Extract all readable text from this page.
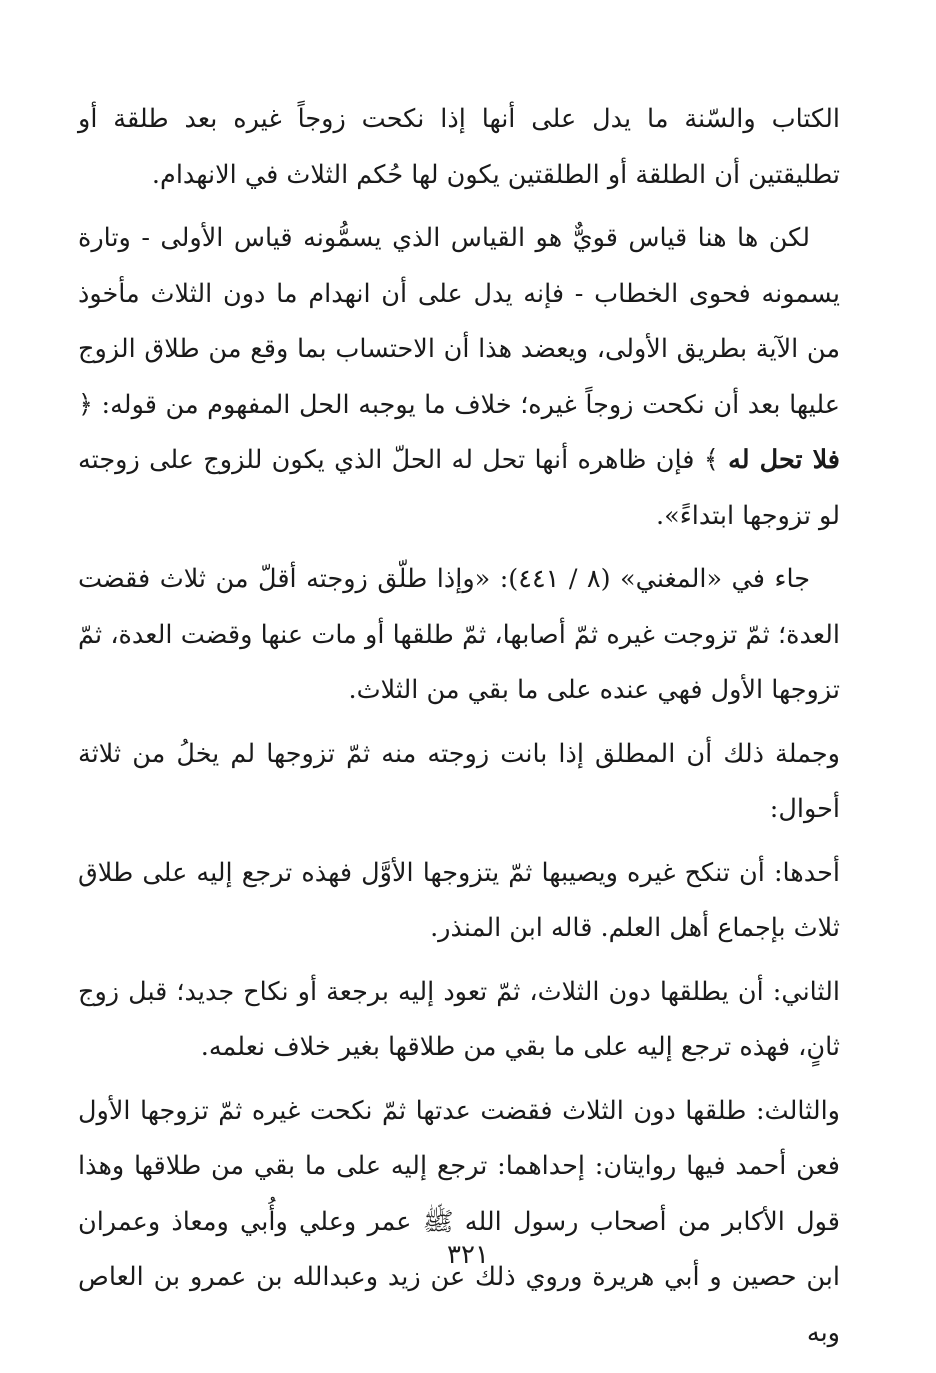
الكتاب والسّنة ما يدل على أنها إذا نكحت زوجاً غيره بعد طلقة أو تطليقتين أن الطلقة أو الطلقتين يكون لها حُكم الثلاث في الانهدام.

لكن ها هنا قياس قويٌّ هو القياس الذي يسمُّونه قياس الأولى - وتارة يسمونه فحوى الخطاب - فإنه يدل على أن انهدام ما دون الثلاث مأخوذ من الآية بطريق الأولى، ويعضد هذا أن الاحتساب بما وقع من طلاق الزوج عليها بعد أن نكحت زوجاً غيره؛ خلاف ما يوجبه الحل المفهوم من قوله: ﴿ فلا تحل له ﴾ فإن ظاهره أنها تحل له الحلّ الذي يكون للزوج على زوجته لو تزوجها ابتداءً».

جاء في «المغني» (٨ / ٤٤١): «وإذا طلّق زوجته أقلّ من ثلاث فقضت العدة؛ ثمّ تزوجت غيره ثمّ أصابها، ثمّ طلقها أو مات عنها وقضت العدة، ثمّ تزوجها الأول فهي عنده على ما بقي من الثلاث.

وجملة ذلك أن المطلق إذا بانت زوجته منه ثمّ تزوجها لم يخلُ من ثلاثة أحوال:

أحدها: أن تنكح غيره ويصيبها ثمّ يتزوجها الأوَّل فهذه ترجع إليه على طلاق ثلاث بإجماع أهل العلم. قاله ابن المنذر.

الثاني: أن يطلقها دون الثلاث، ثمّ تعود إليه برجعة أو نكاح جديد؛ قبل زوج ثانٍ، فهذه ترجع إليه على ما بقي من طلاقها بغير خلاف نعلمه.

والثالث: طلقها دون الثلاث فقضت عدتها ثمّ نكحت غيره ثمّ تزوجها الأول فعن أحمد فيها روايتان: إحداهما: ترجع إليه على ما بقي من طلاقها وهذا قول الأكابر من أصحاب رسول الله ﷺ عمر وعلي وأُبي ومعاذ وعمران ابن حصين و أبي هريرة وروي ذلك عن زيد وعبدالله بن عمرو بن العاص وبه

٣٢١
